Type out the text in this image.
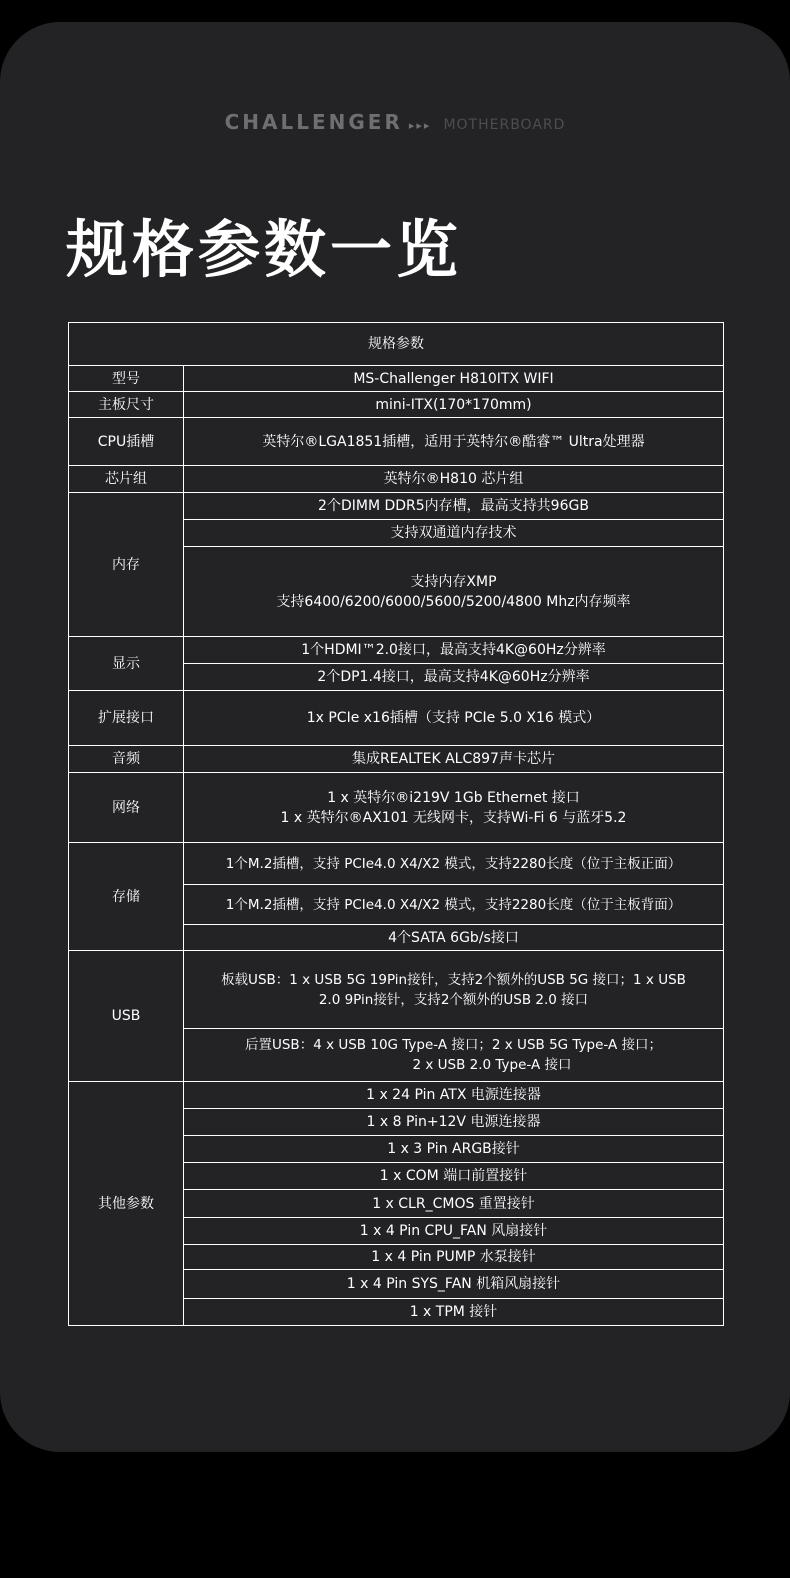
CHALLENGER ▸▸▸ MOTHERBOARD
规格参数一览
规格参数	
型号	MS-Challenger H810ITX WIFI
主板尺寸	mini-ITX(170*170mm)
CPU插槽	英特尔®LGA1851插槽，适用于英特尔®酷睿™ Ultra处理器
芯片组	英特尔®H810 芯片组
内存	2个DIMM DDR5内存槽，最高支持共96GB
	支持双通道内存技术

	支持内存XMP
支持6400/6200/6000/5600/5200/4800 Mhz内存频率

显示	1个HDMI™2.0接口，最高支持4K@60Hz分辨率
	2个DP1.4接口，最高支持4K@60Hz分辨率
扩展接口	1x PCIe x16插槽（支持 PCIe 5.0 X16 模式）
音频	集成REALTEK ALC897声卡芯片
网络	1 x 英特尔®i219V 1Gb Ethernet 接口
1 x 英特尔®AX101 无线网卡，支持Wi-Fi 6 与蓝牙5.2

存储	1个M.2插槽，支持 PCIe4.0 X4/X2 模式，支持2280长度（位于主板正面）
	1个M.2插槽，支持 PCIe4.0 X4/X2 模式，支持2280长度（位于主板背面）
	4个SATA 6Gb/s接口
USB	板载USB：1 x USB 5G 19Pin接针，支持2个额外的USB 5G 接口；1 x USB
2.0 9Pin接针，支持2个额外的USB 2.0 接口

	后置USB：4 x USB 10G Type-A 接口；2 x USB 5G Type-A 接口；
2 x USB 2.0 Type-A 接口

其他参数	1 x 24 Pin ATX 电源连接器
	1 x 8 Pin+12V 电源连接器
	1 x 3 Pin ARGB接针
	1 x COM 端口前置接针
	1 x CLR_CMOS 重置接针
	1 x 4 Pin CPU_FAN 风扇接针
	1 x 4 Pin PUMP 水泵接针
	1 x 4 Pin SYS_FAN 机箱风扇接针
	1 x TPM 接针
